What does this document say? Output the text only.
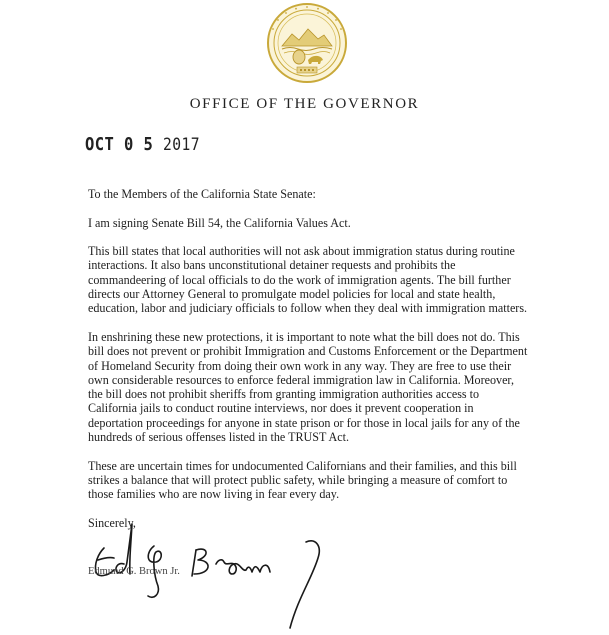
OFFICE OF THE GOVERNOR
OCT 0 5 2017

To the Members of the California State Senate:

I am signing Senate Bill 54, the California Values Act.

This bill states that local authorities will not ask about immigration status during routine interactions. It also bans unconstitutional detainer requests and prohibits the commandeering of local officials to do the work of immigration agents. The bill further directs our Attorney General to promulgate model policies for local and state health, education, labor and judiciary officials to follow when they deal with immigration matters.

In enshrining these new protections, it is important to note what the bill does not do. This bill does not prevent or prohibit Immigration and Customs Enforcement or the Department of Homeland Security from doing their own work in any way. They are free to use their own considerable resources to enforce federal immigration law in California. Moreover, the bill does not prohibit sheriffs from granting immigration authorities access to California jails to conduct routine interviews, nor does it prevent cooperation in deportation proceedings for anyone in state prison or for those in local jails for any of the hundreds of serious offenses listed in the TRUST Act.

These are uncertain times for undocumented Californians and their families, and this bill strikes a balance that will protect public safety, while bringing a measure of comfort to those families who are now living in fear every day.

Sincerely,
Edmund G. Brown Jr.
